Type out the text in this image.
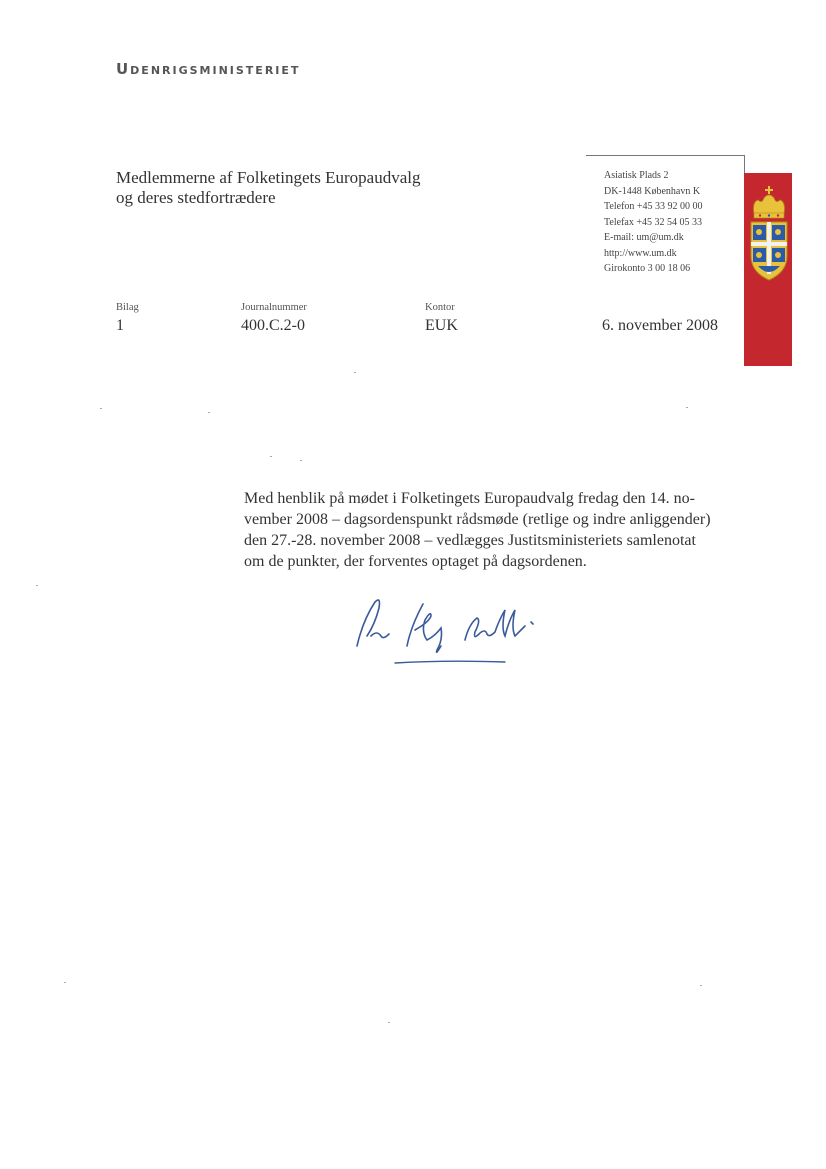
Udenrigsministeriet
Medlemmerne af Folketingets Europaudvalg
og deres stedfortrædere
Asiatisk Plads 2
DK-1448 København K
Telefon +45 33 92 00 00
Telefax +45 32 54 05 33
E-mail: um@um.dk
http://www.um.dk
Girokonto 3 00 18 06
Bilag
1
Journalnummer
400.C.2-0
Kontor
EUK	6. november 2008
Med henblik på mødet i Folketingets Europaudvalg fredag den 14. no-
vember 2008 – dagsordenspunkt rådsmøde (retlige og indre anliggender)
den 27.-28. november 2008 – vedlægges Justitsministeriets samlenotat
om de punkter, der forventes optaget på dagsordenen.
